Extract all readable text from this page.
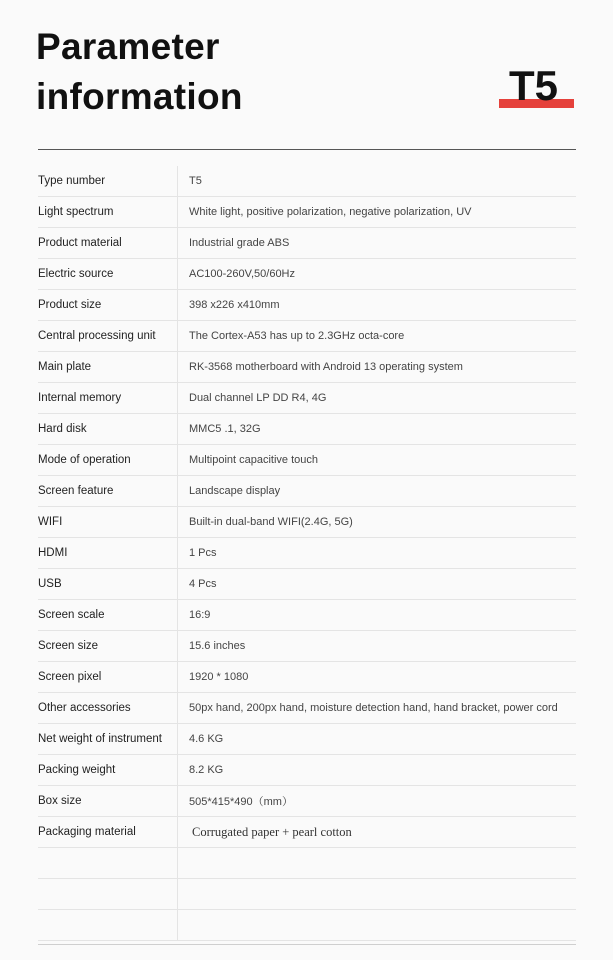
Parameter
information	T5
Type number	T5
Light spectrum	White light, positive polarization, negative polarization, UV
Product material	Industrial grade ABS
Electric source	AC100-260V,50/60Hz
Product size	398 x226 x410mm
Central processing unit	The Cortex-A53 has up to 2.3GHz octa-core
Main plate	RK-3568 motherboard with Android 13 operating system
Internal memory	Dual channel LP DD R4, 4G
Hard disk	MMC5 .1, 32G
Mode of operation	Multipoint capacitive touch
Screen feature	Landscape display
WIFI	Built-in dual-band WIFI(2.4G, 5G)
HDMI	1 Pcs
USB	4 Pcs
Screen scale	16:9
Screen size	15.6 inches
Screen pixel	1920 * 1080
Other accessories	50px hand, 200px hand, moisture detection hand, hand bracket, power cord
Net weight of instrument	4.6 KG
Packing weight	8.2 KG
Box size	505*415*490（mm）
Packaging material	Corrugated paper + pearl cotton
